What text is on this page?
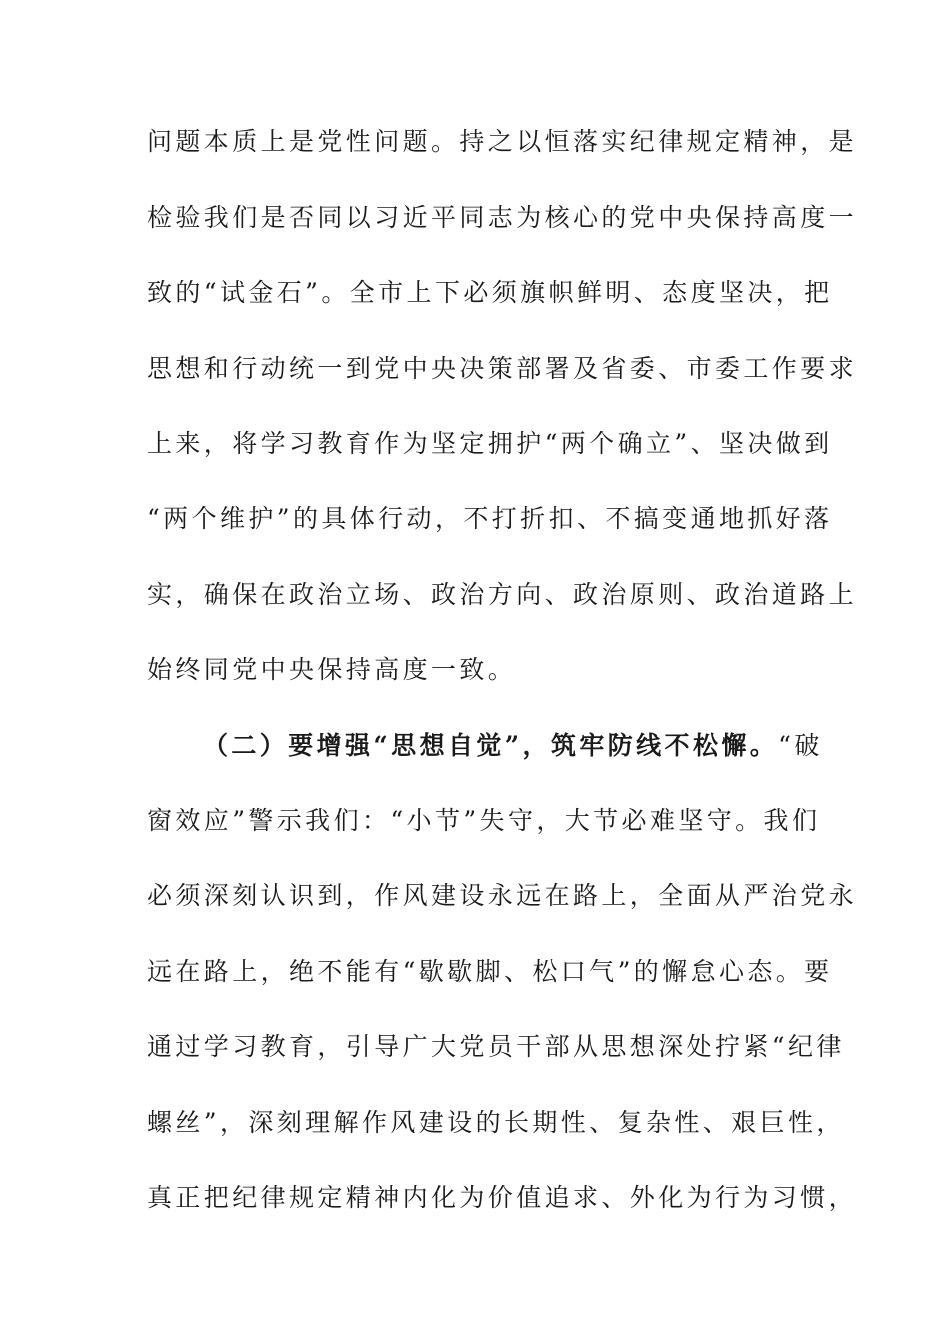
问题本质上是党性问题。持之以恒落实纪律规定精神，是
检验我们是否同以习近平同志为核心的党中央保持高度一
致的“试金石”。全市上下必须旗帜鲜明、态度坚决，把
思想和行动统一到党中央决策部署及省委、市委工作要求
上来，将学习教育作为坚定拥护“两个确立”、坚决做到
“两个维护”的具体行动，不打折扣、不搞变通地抓好落
实，确保在政治立场、政治方向、政治原则、政治道路上
始终同党中央保持高度一致。
（二）要增强“思想自觉”，筑牢防线不松懈。“破
窗效应”警示我们：“小节”失守，大节必难坚守。我们
必须深刻认识到，作风建设永远在路上，全面从严治党永
远在路上，绝不能有“歇歇脚、松口气”的懈怠心态。要
通过学习教育，引导广大党员干部从思想深处拧紧“纪律
螺丝”，深刻理解作风建设的长期性、复杂性、艰巨性，
真正把纪律规定精神内化为价值追求、外化为行为习惯，
